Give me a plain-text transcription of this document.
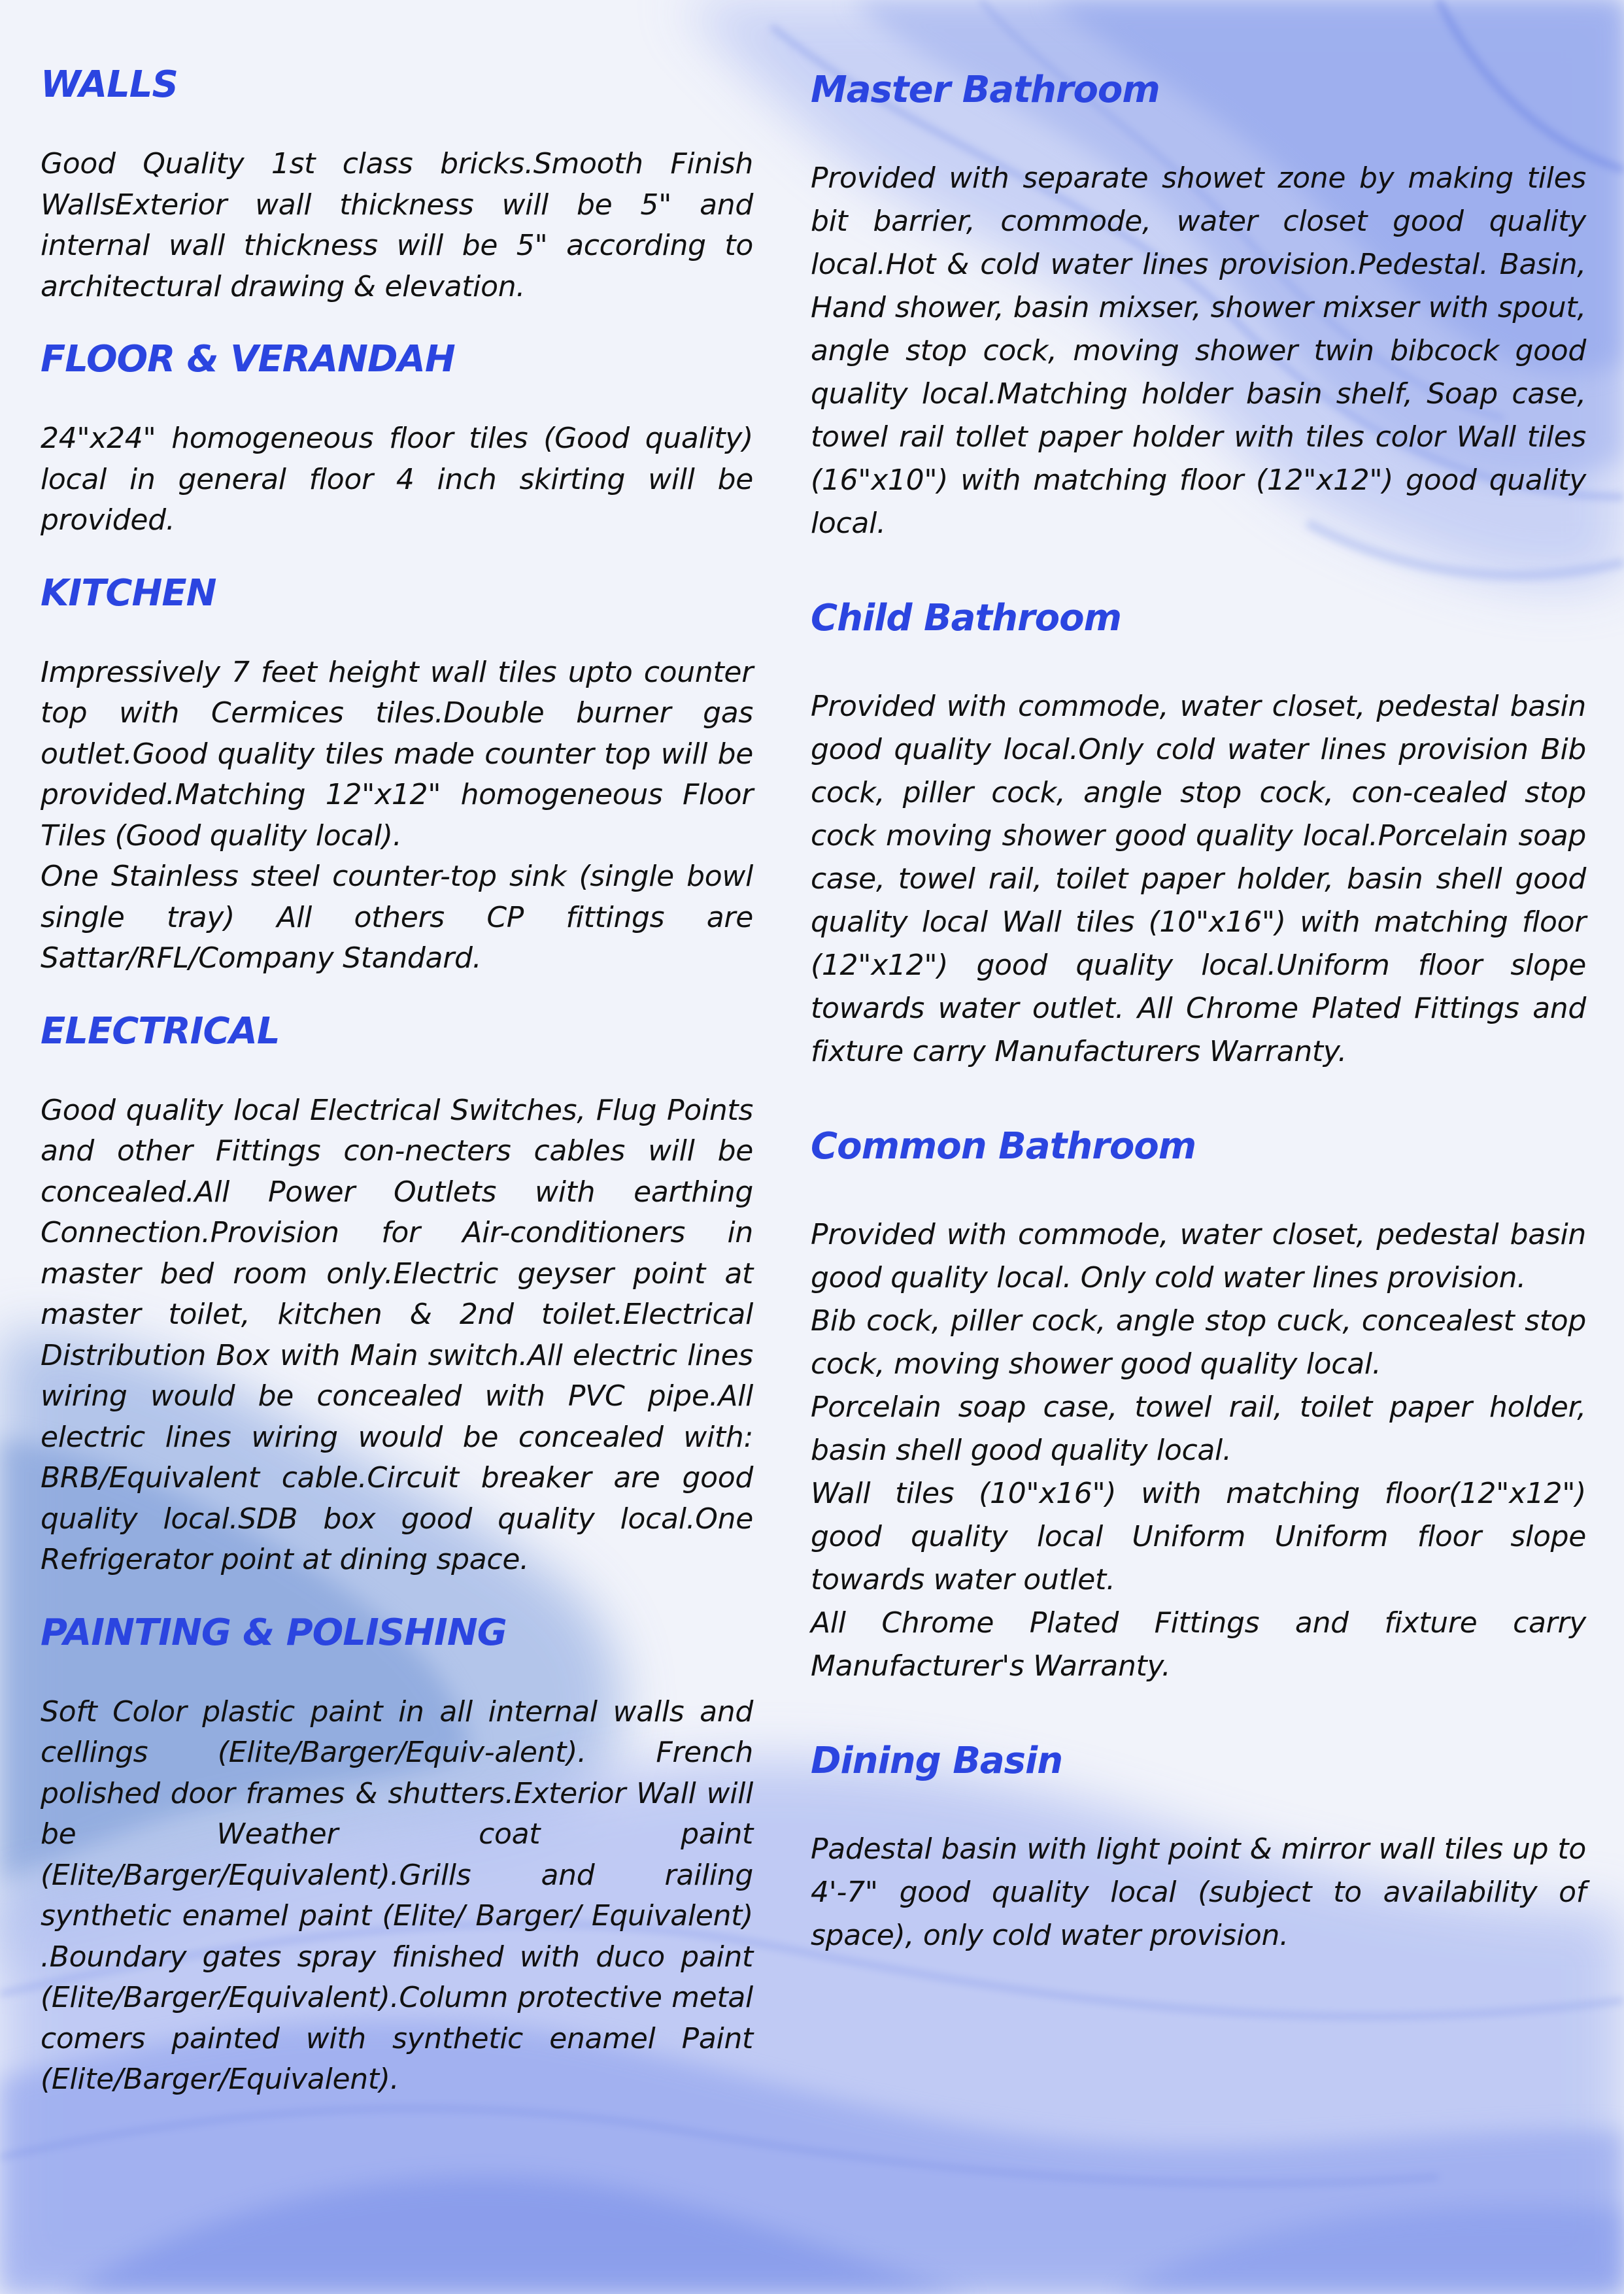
WALLS

Good Quality 1st class bricks.Smooth Finish WallsExterior wall thickness will be 5" and internal wall thickness will be 5" according to architectural drawing & elevation.

FLOOR & VERANDAH

24"x24" homogeneous floor tiles (Good quality) local in general floor 4 inch skirting will be provided.

KITCHEN

Impressively 7 feet height wall tiles upto counter top with Cermices tiles.Double burner gas outlet.Good quality tiles made counter top will be provided.Matching 12"x12" homogeneous Floor Tiles (Good quality local).

One Stainless steel counter-top sink (single bowl single tray) All others CP fittings are Sattar/RFL/Company Standard.

ELECTRICAL

Good quality local Electrical Switches, Flug Points and other Fittings con-necters cables will be concealed.All Power Outlets with earthing Connection.Provision for Air-conditioners in master bed room only.Electric geyser point at master toilet, kitchen & 2nd toilet.Electrical Distribution Box with Main switch.All electric lines wiring would be concealed with PVC pipe.All electric lines wiring would be concealed with: BRB/Equivalent cable.Circuit breaker are good quality local.SDB box good quality local.One Refrigerator point at dining space.

PAINTING & POLISHING

Soft Color plastic paint in all internal walls and cellings (Elite/Barger/Equiv-alent). French polished door frames & shutters.Exterior Wall will be Weather coat paint (Elite/Barger/Equivalent).Grills and railing synthetic enamel paint (Elite/ Barger/ Equivalent) .Boundary gates spray finished with duco paint (Elite/Barger/Equivalent).Column protective metal comers painted with synthetic enamel Paint (Elite/Barger/Equivalent).

Master Bathroom

Provided with separate showet zone by making tiles bit barrier, commode, water closet good quality local.Hot & cold water lines provision.Pedestal. Basin, Hand shower, basin mixser, shower mixser with spout, angle stop cock, moving shower twin bibcock good quality local.Matching holder basin shelf, Soap case, towel rail tollet paper holder with tiles color Wall tiles (16"x10") with matching floor (12"x12") good quality local.

Child Bathroom

Provided with commode, water closet, pedestal basin good quality local.Only cold water lines provision Bib cock, piller cock, angle stop cock, con-cealed stop cock moving shower good quality local.Porcelain soap case, towel rail, toilet paper holder, basin shell good quality local Wall tiles (10"x16") with matching floor (12"x12") good quality local.Uniform floor slope towards water outlet. All Chrome Plated Fittings and fixture carry Manufacturers Warranty.

Common Bathroom

Provided with commode, water closet, pedestal basin good quality local. Only cold water lines provision.

Bib cock, piller cock, angle stop cuck, concealest stop cock, moving shower good quality local.

Porcelain soap case, towel rail, toilet paper holder, basin shell good quality local.

Wall tiles (10"x16") with matching floor(12"x12") good quality local Uniform Uniform floor slope towards water outlet.

All Chrome Plated Fittings and fixture carry Manufacturer's Warranty.

Dining Basin

Padestal basin with light point & mirror wall tiles up to 4'-7" good quality local (subject to availability of space), only cold water provision.
